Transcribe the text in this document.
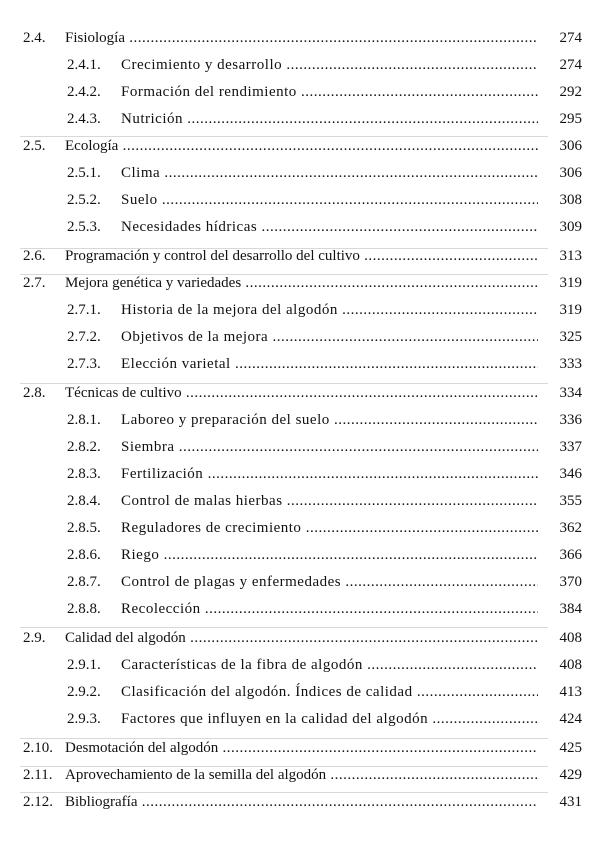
2.4. Fisiología .....	274
2.4.1. Crecimiento y desarrollo .....	274
2.4.2. Formación del rendimiento .....	292
2.4.3. Nutrición .....	295
2.5. Ecología .....	306
2.5.1. Clima .....	306
2.5.2. Suelo .....	308
2.5.3. Necesidades hídricas .....	309
2.6. Programación y control del desarrollo del cultivo .....	313
2.7. Mejora genética y variedades .....	319
2.7.1. Historia de la mejora del algodón .....	319
2.7.2. Objetivos de la mejora .....	325
2.7.3. Elección varietal .....	333
2.8. Técnicas de cultivo .....	334
2.8.1. Laboreo y preparación del suelo .....	336
2.8.2. Siembra .....	337
2.8.3. Fertilización .....	346
2.8.4. Control de malas hierbas .....	355
2.8.5. Reguladores de crecimiento .....	362
2.8.6. Riego .....	366
2.8.7. Control de plagas y enfermedades .....	370
2.8.8. Recolección .....	384
2.9. Calidad del algodón .....	408
2.9.1. Características de la fibra de algodón .....	408
2.9.2. Clasificación del algodón. Índices de calidad .....	413
2.9.3. Factores que influyen en la calidad del algodón .....	424
2.10. Desmotación del algodón .....	425
2.11. Aprovechamiento de la semilla del algodón .....	429
2.12. Bibliografía .....	431
